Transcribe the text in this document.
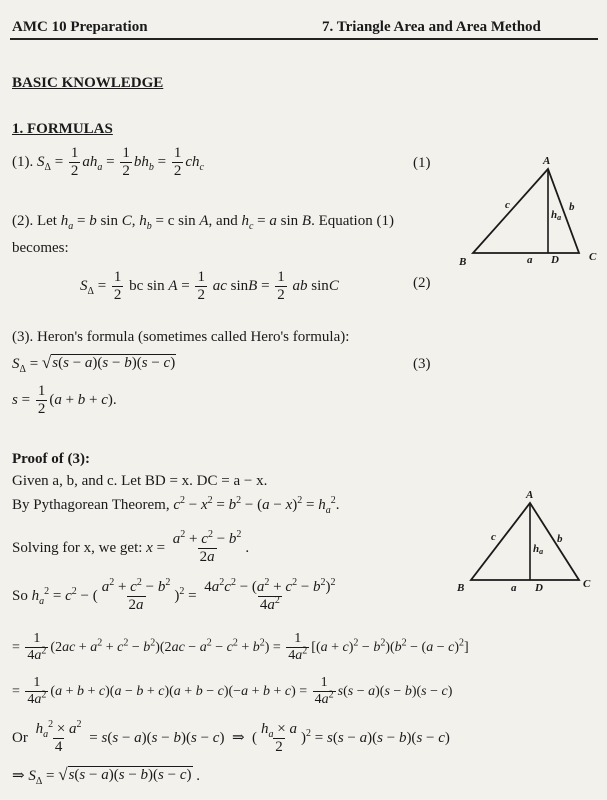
AMC 10 Preparation	7. Triangle Area and Area Method
BASIC KNOWLEDGE
1. FORMULAS
(1). $S_\Delta = \frac{1}{2} ah_a = \frac{1}{2} bh_b = \frac{1}{2} ch_c$	(1)	A
B	C
D
a
b
c
ha
(2). Let $h_a = b$ sin C, $h_b = c$ sin A, and $h_c = a$ sin B. Equation (1)
becomes:
$S_\Delta = \frac{1}{2}$ bc $\sin A = \frac{1}{2}$ ac $\sin B = \frac{1}{2}$ ab sinC	(2)
(3). Heron's formula (sometimes called Hero's formula):
$S_\Delta$ = √ s(s − a)(s − b)(s − c)	(3)
$s = \frac{1}{2} (a + b + c)$.
Proof of (3):
Given a, b, and c. Let BD = x. DC = a − x.
By Pythagorean Theorem, $c^2 - x^2 = b^2 - (a - x)^2 = h_a^2$.
A
B	C
D
a
b
c
ha
Solving for x, we get: $x = \frac{a^2 + c^2 - b^2}{2a}$ .
So $h_a^2 = c^2$ − ( $\frac{a^2 + c^2 - b^2}{2a} )^2 = \frac{4a^2c^2 - (a^2 + c^2 - b^2)^2}{4a^2}$
= $\frac{1}{4a^2} (2ac + a^2 + c^2 - b^2)(2ac - a^2 - c^2 + b^2) = \frac{1}{4a^2} [(a + c)^2 - b^2)(b^2 - (a - c)^2]$
= $\frac{1}{4a^2} (a + b + c)(a - b + c)(a + b - c)(-a + b + c) = \frac{1}{4a^2} s(s - a)(s - b)(s - c)$
Or $\frac{h_a^2 \times a^2}{4} = s(s - a)(s - b)(s - c)$  ⇒  ( $\frac{h_a \times a}{2} )^2 = s(s - a)(s - b)(s - c)$
⇒ $S_\Delta$ = √ s(s − a)(s − b)(s − c) .
